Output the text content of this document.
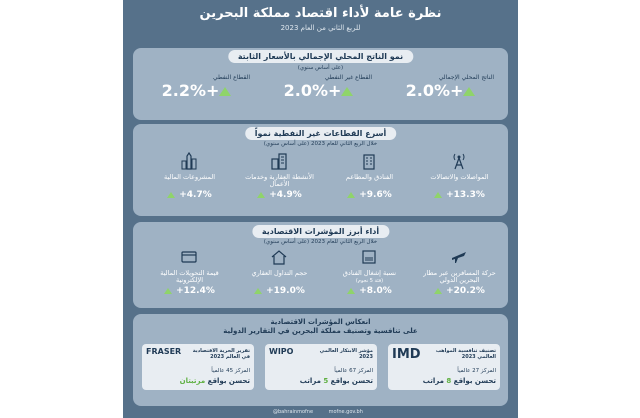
نظرة عامة لأداء اقتصاد مملكة البحرين
للربع الثاني من العام 2023
نمو الناتج المحلي الإجمالي بالأسعار الثابتة
(على أساس سنوي)
الناتج المحلي الإجمالي
+2.0%
القطاع غير النفطي
+2.0%
القطاع النفطي
+2.2%
أسرع القطاعات غير النفطية نمواً
خلال الربع الثاني للعام 2023 (على أساس سنوي)
المواصلات والاتصالات
+13.3%
الفنادق والمطاعم
+9.6%
الأنشطة العقارية وخدمات الأعمال
+4.9%
المشروعات المالية
+4.7%
أداء أبرز المؤشرات الاقتصادية
خلال الربع الثاني للعام 2023 (على أساس سنوي)
حركة المسافرين عبر مطار البحرين الدولي
+20.2%
نسبة إشغال الفنادق
(فئة 5 نجوم)
+8.0%
حجم التداول العقاري
+19.0%
قيمة التحويلات المالية الإلكترونية
+12.4%
انعكاس المؤشرات الاقتصادية
على تنافسية وتصنيف مملكة البحرين في التقارير الدولية
تصنيف تنافسية المواهب العالمي 2023
IMD
المركز 27 عالمياً
تحسن بواقع 8 مراتب
مؤشر الابتكار العالمي 2023
WIPO
المركز 67 عالمياً
تحسن بواقع 5 مراتب
تقرير الحرية الاقتصادية في العالم 2023
FRASER
المركز 45 عالمياً
تحسن بواقع مرتبتان
@bahrainmofne	mofne.gov.bh
